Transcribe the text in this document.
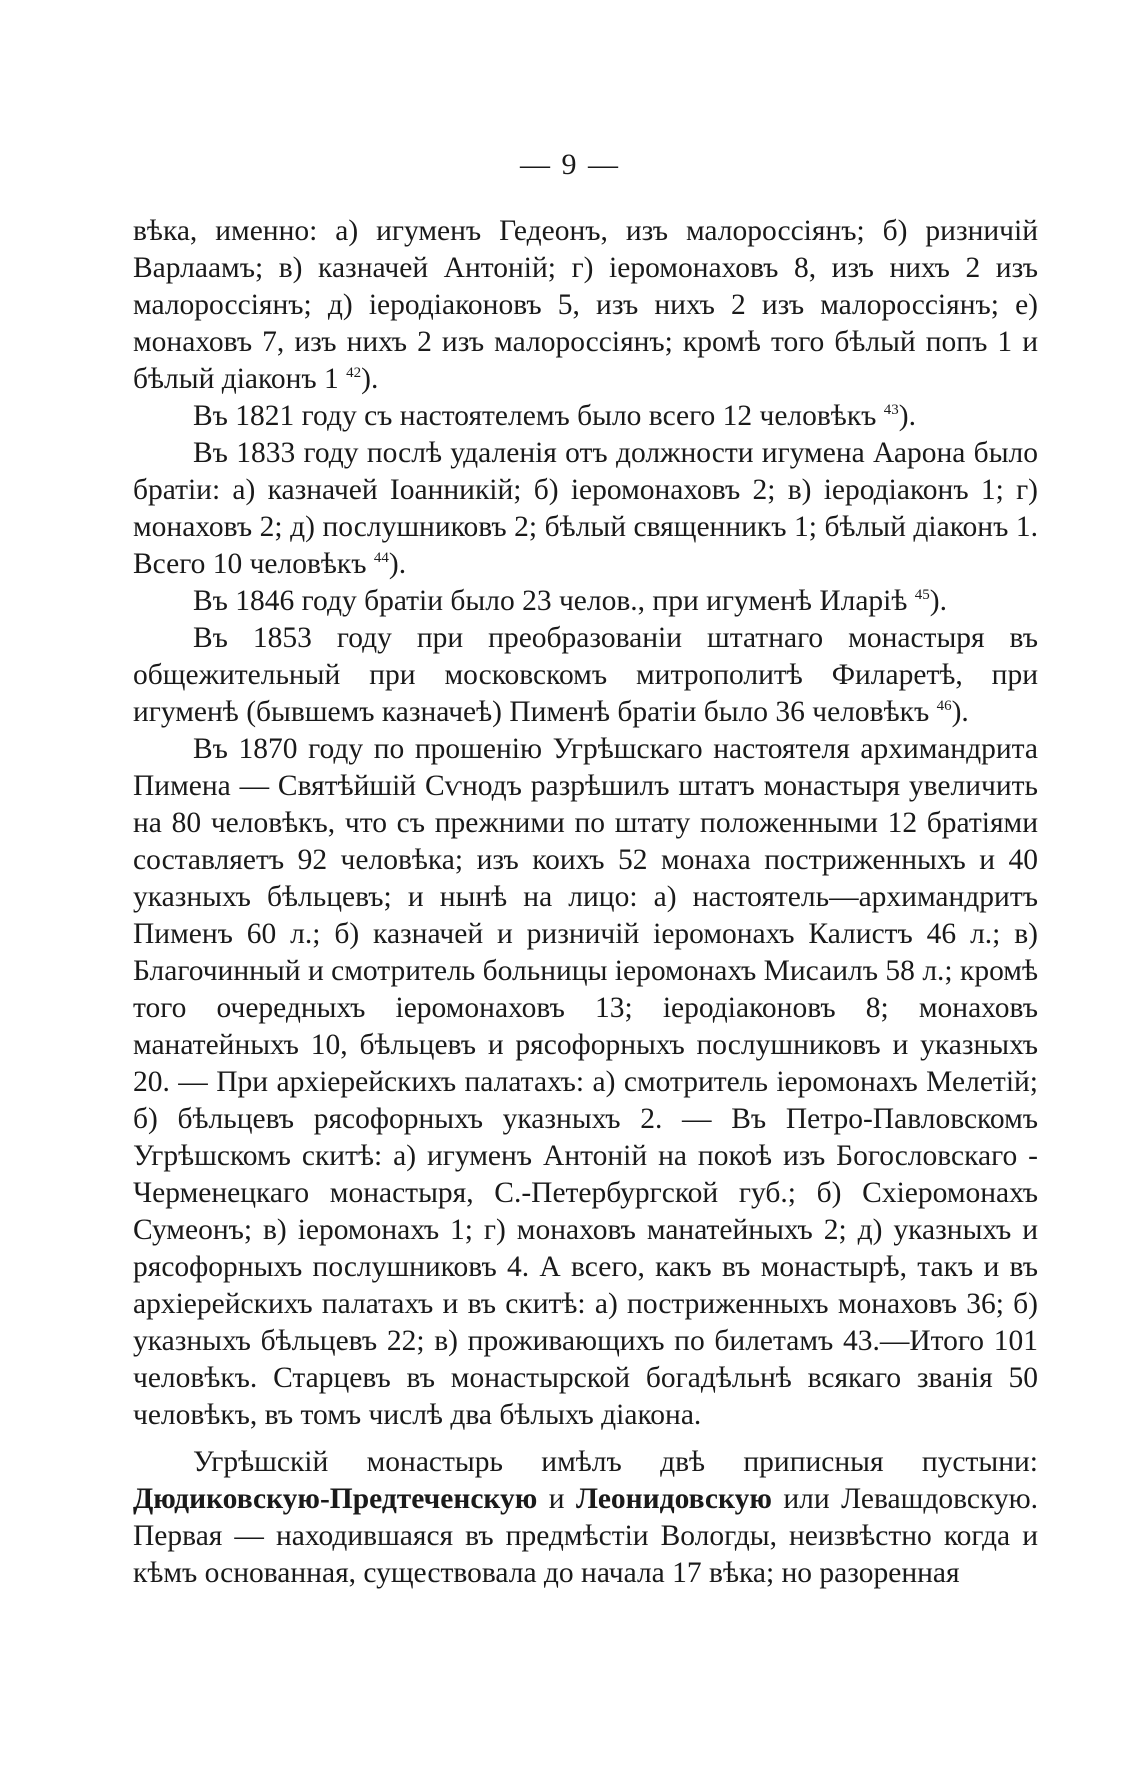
— 9 —

вѣка, именно: а) игуменъ Гедеонъ, изъ малороссіянъ; б) ризничій Варлаамъ; в) казначей Антоній; г) іеромонаховъ 8, изъ нихъ 2 изъ малороссіянъ; д) іеродіаконовъ 5, изъ нихъ 2 изъ малороссіянъ; е) монаховъ 7, изъ нихъ 2 изъ малороссіянъ; кромѣ того бѣлый попъ 1 и бѣлый діаконъ 1 $^{42}$).

Въ 1821 году съ настоятелемъ было всего 12 человѣкъ $^{43}$).

Въ 1833 году послѣ удаленія отъ должности игумена Аарона было братіи: а) казначей Іоанникій; б) іеромонаховъ 2; в) іеродіаконъ 1; г) монаховъ 2; д) послушниковъ 2; бѣлый священникъ 1; бѣлый діаконъ 1. Всего 10 человѣкъ $^{44}$).

Въ 1846 году братіи было 23 челов., при игуменѣ Иларіѣ $^{45}$).

Въ 1853 году при преобразованіи штатнаго монастыря въ общежительный при московскомъ митрополитѣ Филаретѣ, при игуменѣ (бывшемъ казначеѣ) Пименѣ братіи было 36 человѣкъ $^{46}$).

Въ 1870 году по прошенію Угрѣшскаго настоятеля архимандрита Пимена — Святѣйшій Сѵнодъ разрѣшилъ штатъ монастыря увеличить на 80 человѣкъ, что съ прежними по штату положенными 12 братіями составляетъ 92 человѣка; изъ коихъ 52 монаха постриженныхъ и 40 указныхъ бѣльцевъ; и нынѣ на лицо: а) настоятель—архимандритъ Пименъ 60 л.; б) казначей и ризничій іеромонахъ Калистъ 46 л.; в) Благочинный и смотритель больницы іеромонахъ Мисаилъ 58 л.; кромѣ того очередныхъ іеромонаховъ 13; іеродіаконовъ 8; монаховъ манатейныхъ 10, бѣльцевъ и рясофорныхъ послушниковъ и указныхъ 20. — При архіерейскихъ палатахъ: а) смотритель іеромонахъ Мелетій; б) бѣльцевъ рясофорныхъ указныхъ 2. — Въ Петро-Павловскомъ Угрѣшскомъ скитѣ: а) игуменъ Антоній на покоѣ изъ Богословскаго - Черменецкаго монастыря, С.-Петербургской губ.; б) Схіеромонахъ Сумеонъ; в) іеромонахъ 1; г) монаховъ манатейныхъ 2; д) указныхъ и рясофорныхъ послушниковъ 4. А всего, какъ въ монастырѣ, такъ и въ архіерейскихъ палатахъ и въ скитѣ: а) постриженныхъ монаховъ 36; б) указныхъ бѣльцевъ 22; в) проживающихъ по билетамъ 43.—Итого 101 человѣкъ. Старцевъ въ монастырской богадѣльнѣ всякаго званія 50 человѣкъ, въ томъ числѣ два бѣлыхъ діакона.

Угрѣшскій монастырь имѣлъ двѣ приписныя пустыни: Дюдиковскую-Предтеченскую и Леонидовскую или Левашдовскую. Первая — находившаяся въ предмѣстіи Вологды, неизвѣстно когда и кѣмъ основанная, существовала до начала 17 вѣка; но разоренная
